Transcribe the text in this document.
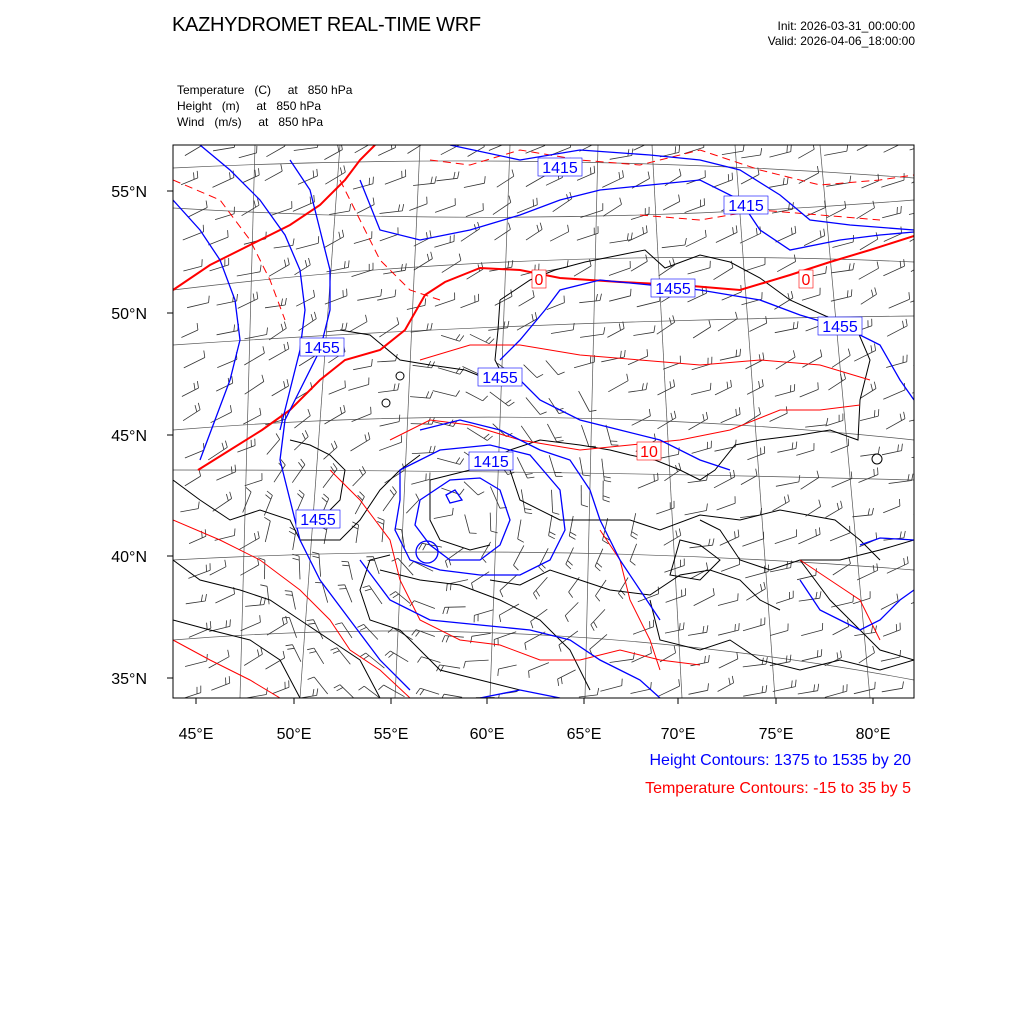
KAZHYDROMET REAL-TIME WRF	Init: 2026-03-31_00:00:00
Valid: 2026-04-06_18:00:00
Temperature   (C)     at   850 hPa
Height   (m)     at   850 hPa
Wind   (m/s)     at   850 hPa
55°N
50°N
45°N
40°N
35°N
45°E	50°E	55°E	60°E	65°E	70°E	75°E	80°E
1415
1415
1455
1455
1455
1455
1415
1455
0	0
10
Height Contours: 1375 to 1535 by 20
Temperature Contours: -15 to 35 by 5
